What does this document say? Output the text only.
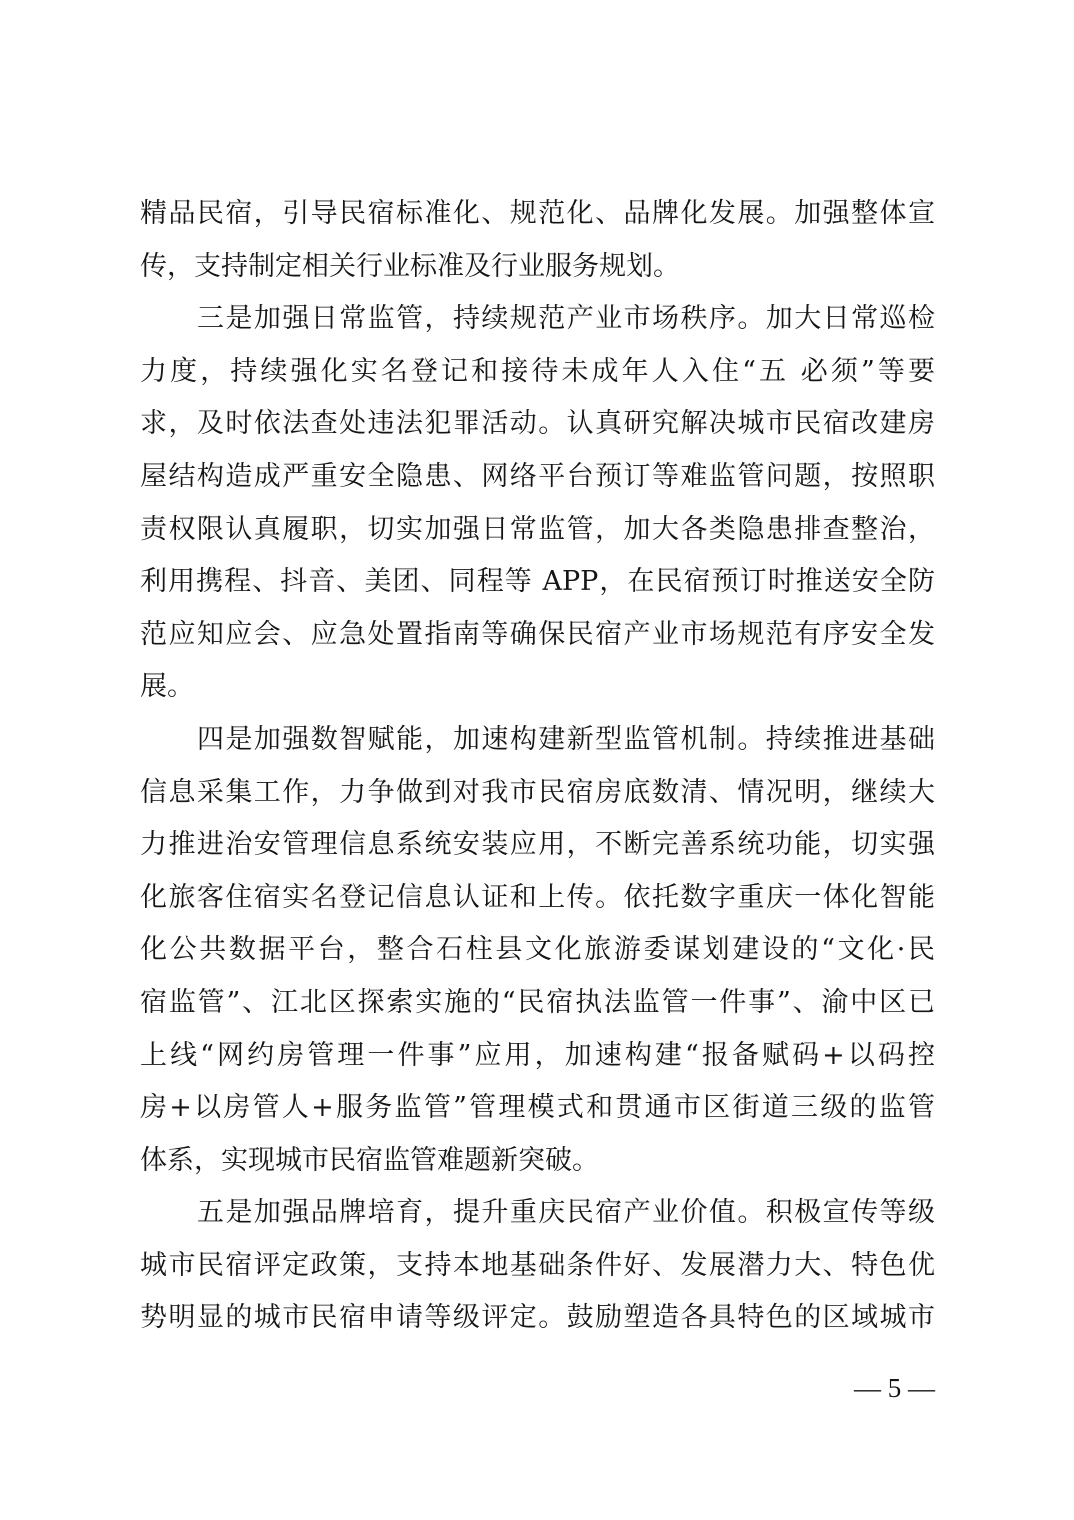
精品民宿，引导民宿标准化、规范化、品牌化发展。加强整体宣
传，支持制定相关行业标准及行业服务规划。
三是加强日常监管，持续规范产业市场秩序。加大日常巡检
力度，持续强化实名登记和接待未成年人入住“五 必须”等要
求，及时依法查处违法犯罪活动。认真研究解决城市民宿改建房
屋结构造成严重安全隐患、网络平台预订等难监管问题，按照职
责权限认真履职，切实加强日常监管，加大各类隐患排查整治，
利用携程、抖音、美团、同程等 APP，在民宿预订时推送安全防
范应知应会、应急处置指南等确保民宿产业市场规范有序安全发
展。
四是加强数智赋能，加速构建新型监管机制。持续推进基础
信息采集工作，力争做到对我市民宿房底数清、情况明，继续大
力推进治安管理信息系统安装应用，不断完善系统功能，切实强
化旅客住宿实名登记信息认证和上传。依托数字重庆一体化智能
化公共数据平台，整合石柱县文化旅游委谋划建设的“文化·民
宿监管”、江北区探索实施的“民宿执法监管一件事”、渝中区已
上线“网约房管理一件事”应用，加速构建“报备赋码+以码控
房+以房管人+服务监管”管理模式和贯通市区街道三级的监管
体系，实现城市民宿监管难题新突破。
五是加强品牌培育，提升重庆民宿产业价值。积极宣传等级
城市民宿评定政策，支持本地基础条件好、发展潜力大、特色优
势明显的城市民宿申请等级评定。鼓励塑造各具特色的区域城市
— 5 —
